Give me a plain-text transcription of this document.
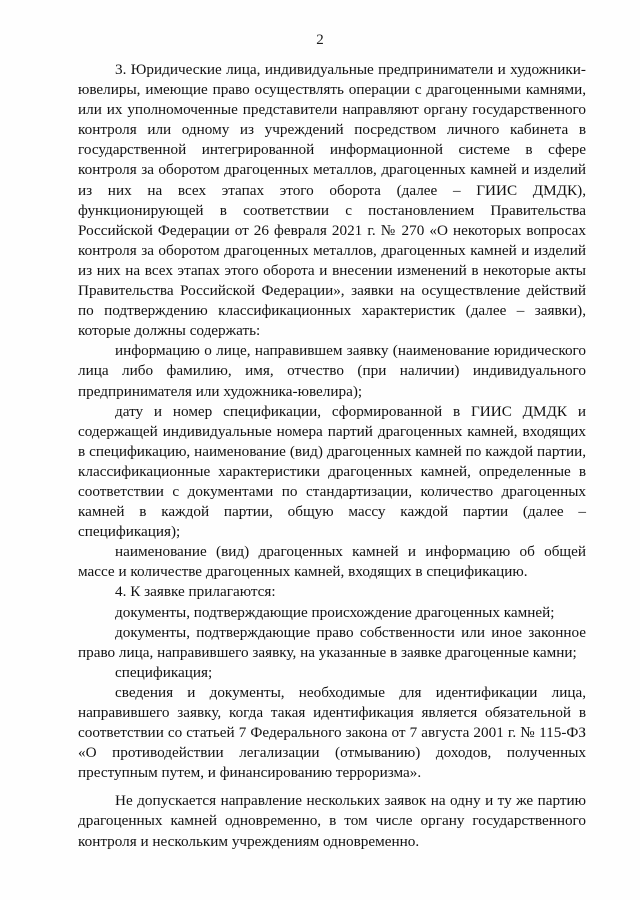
2

3. Юридические лица, индивидуальные предприниматели и художники-ювелиры, имеющие право осуществлять операции с драгоценными камнями, или их уполномоченные представители направляют органу государственного контроля или одному из учреждений посредством личного кабинета в государственной интегрированной информационной системе в сфере контроля за оборотом драгоценных металлов, драгоценных камней и изделий из них на всех этапах этого оборота (далее – ГИИС ДМДК), функционирующей в соответствии с постановлением Правительства Российской Федерации от 26 февраля 2021 г. № 270 «О некоторых вопросах контроля за оборотом драгоценных металлов, драгоценных камней и изделий из них на всех этапах этого оборота и внесении изменений в некоторые акты Правительства Российской Федерации», заявки на осуществление действий по подтверждению классификационных характеристик (далее – заявки), которые должны содержать:

информацию о лице, направившем заявку (наименование юридического лица либо фамилию, имя, отчество (при наличии) индивидуального предпринимателя или художника-ювелира);

дату и номер спецификации, сформированной в ГИИС ДМДК и содержащей индивидуальные номера партий драгоценных камней, входящих в спецификацию, наименование (вид) драгоценных камней по каждой партии, классификационные характеристики драгоценных камней, определенные в соответствии с документами по стандартизации, количество драгоценных камней в каждой партии, общую массу каждой партии (далее – спецификация);

наименование (вид) драгоценных камней и информацию об общей массе и количестве драгоценных камней, входящих в спецификацию.

4. К заявке прилагаются:

документы, подтверждающие происхождение драгоценных камней;

документы, подтверждающие право собственности или иное законное право лица, направившего заявку, на указанные в заявке драгоценные камни;

спецификация;

сведения и документы, необходимые для идентификации лица, направившего заявку, когда такая идентификация является обязательной в соответствии со статьей 7 Федерального закона от 7 августа 2001 г. № 115-ФЗ «О противодействии легализации (отмыванию) доходов, полученных преступным путем, и финансированию терроризма».

Не допускается направление нескольких заявок на одну и ту же партию драгоценных камней одновременно, в том числе органу государственного контроля и нескольким учреждениям одновременно.
